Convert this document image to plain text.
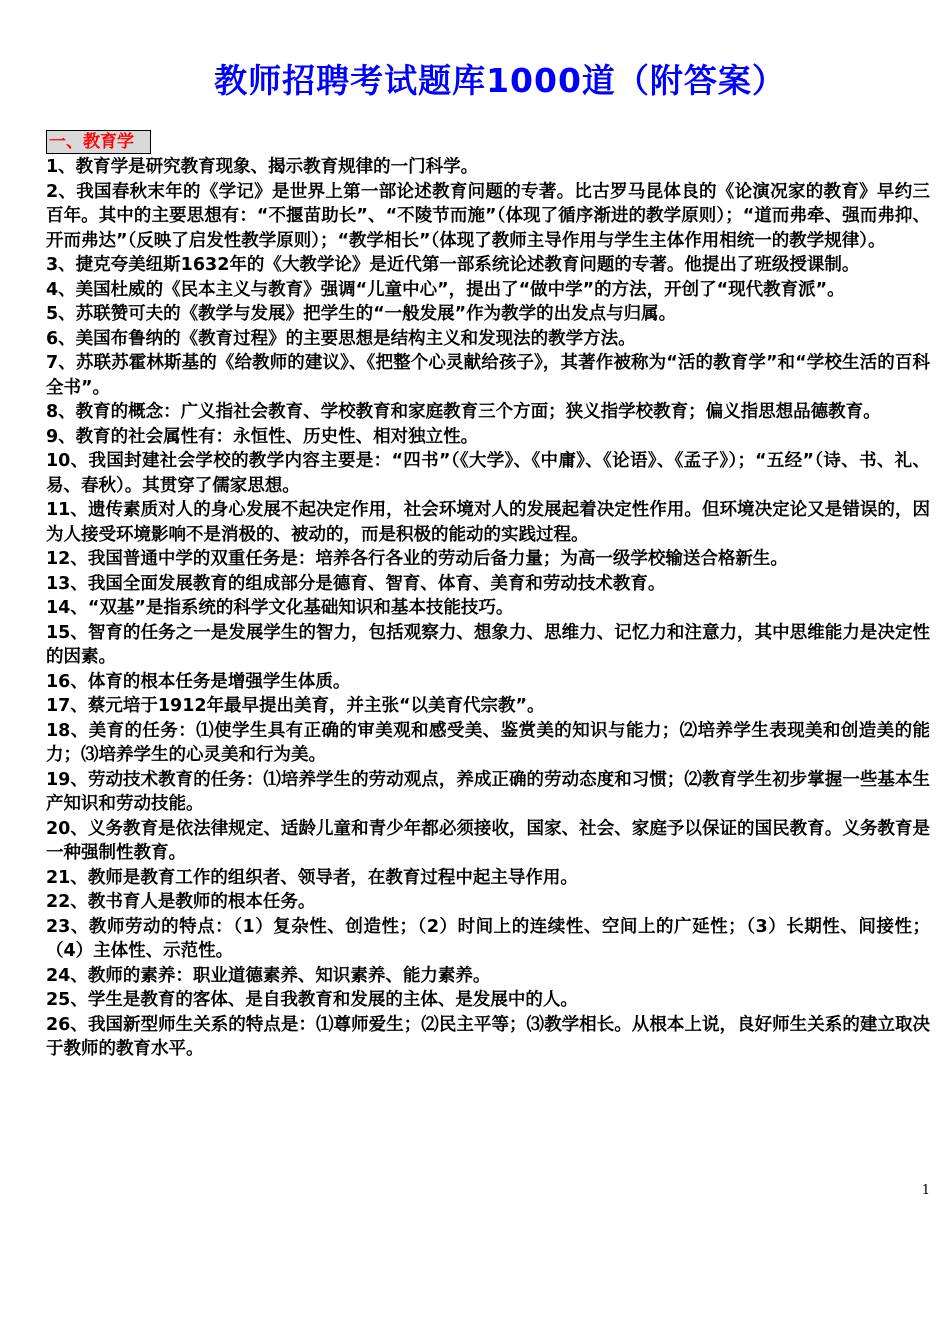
教师招聘考试题库1000道（附答案）
一、教育学
1、教育学是研究教育现象、揭示教育规律的一门科学。
2、我国春秋末年的《学记》是世界上第一部论述教育问题的专著。比古罗马昆体良的《论演况家的教育》早约三百年。其中的主要思想有：“不揠苗助长”、“不陵节而施”（体现了循序渐进的教学原则）；“道而弗牵、强而弗抑、开而弗达”（反映了启发性教学原则）；“教学相长”（体现了教师主导作用与学生主体作用相统一的教学规律）。
3、捷克夸美纽斯1632年的《大教学论》是近代第一部系统论述教育问题的专著。他提出了班级授课制。
4、美国杜威的《民本主义与教育》强调“儿童中心”，提出了“做中学”的方法，开创了“现代教育派”。
5、苏联赞可夫的《教学与发展》把学生的“一般发展”作为教学的出发点与归属。
6、美国布鲁纳的《教育过程》的主要思想是结构主义和发现法的教学方法。
7、苏联苏霍林斯基的《给教师的建议》、《把整个心灵献给孩子》，其著作被称为“活的教育学”和“学校生活的百科全书”。
8、教育的概念：广义指社会教育、学校教育和家庭教育三个方面；狭义指学校教育；偏义指思想品德教育。
9、教育的社会属性有：永恒性、历史性、相对独立性。
10、我国封建社会学校的教学内容主要是：“四书”（《大学》、《中庸》、《论语》、《孟子》）；“五经”（诗、书、礼、易、春秋）。其贯穿了儒家思想。
11、遗传素质对人的身心发展不起决定作用，社会环境对人的发展起着决定性作用。但环境决定论又是错误的，因为人接受环境影响不是消极的、被动的，而是积极的能动的实践过程。
12、我国普通中学的双重任务是：培养各行各业的劳动后备力量；为高一级学校输送合格新生。
13、我国全面发展教育的组成部分是德育、智育、体育、美育和劳动技术教育。
14、“双基”是指系统的科学文化基础知识和基本技能技巧。
15、智育的任务之一是发展学生的智力，包括观察力、想象力、思维力、记忆力和注意力，其中思维能力是决定性的因素。
16、体育的根本任务是增强学生体质。
17、蔡元培于1912年最早提出美育，并主张“以美育代宗教”。
18、美育的任务：⑴使学生具有正确的审美观和感受美、鉴赏美的知识与能力；⑵培养学生表现美和创造美的能力；⑶培养学生的心灵美和行为美。
19、劳动技术教育的任务：⑴培养学生的劳动观点，养成正确的劳动态度和习惯；⑵教育学生初步掌握一些基本生产知识和劳动技能。
20、义务教育是依法律规定、适龄儿童和青少年都必须接收，国家、社会、家庭予以保证的国民教育。义务教育是一种强制性教育。
21、教师是教育工作的组织者、领导者，在教育过程中起主导作用。
22、教书育人是教师的根本任务。
23、教师劳动的特点：（1）复杂性、创造性；（2）时间上的连续性、空间上的广延性；（3）长期性、间接性；（4）主体性、示范性。
24、教师的素养：职业道德素养、知识素养、能力素养。
25、学生是教育的客体、是自我教育和发展的主体、是发展中的人。
26、我国新型师生关系的特点是：⑴尊师爱生；⑵民主平等；⑶教学相长。从根本上说，良好师生关系的建立取决于教师的教育水平。
1
